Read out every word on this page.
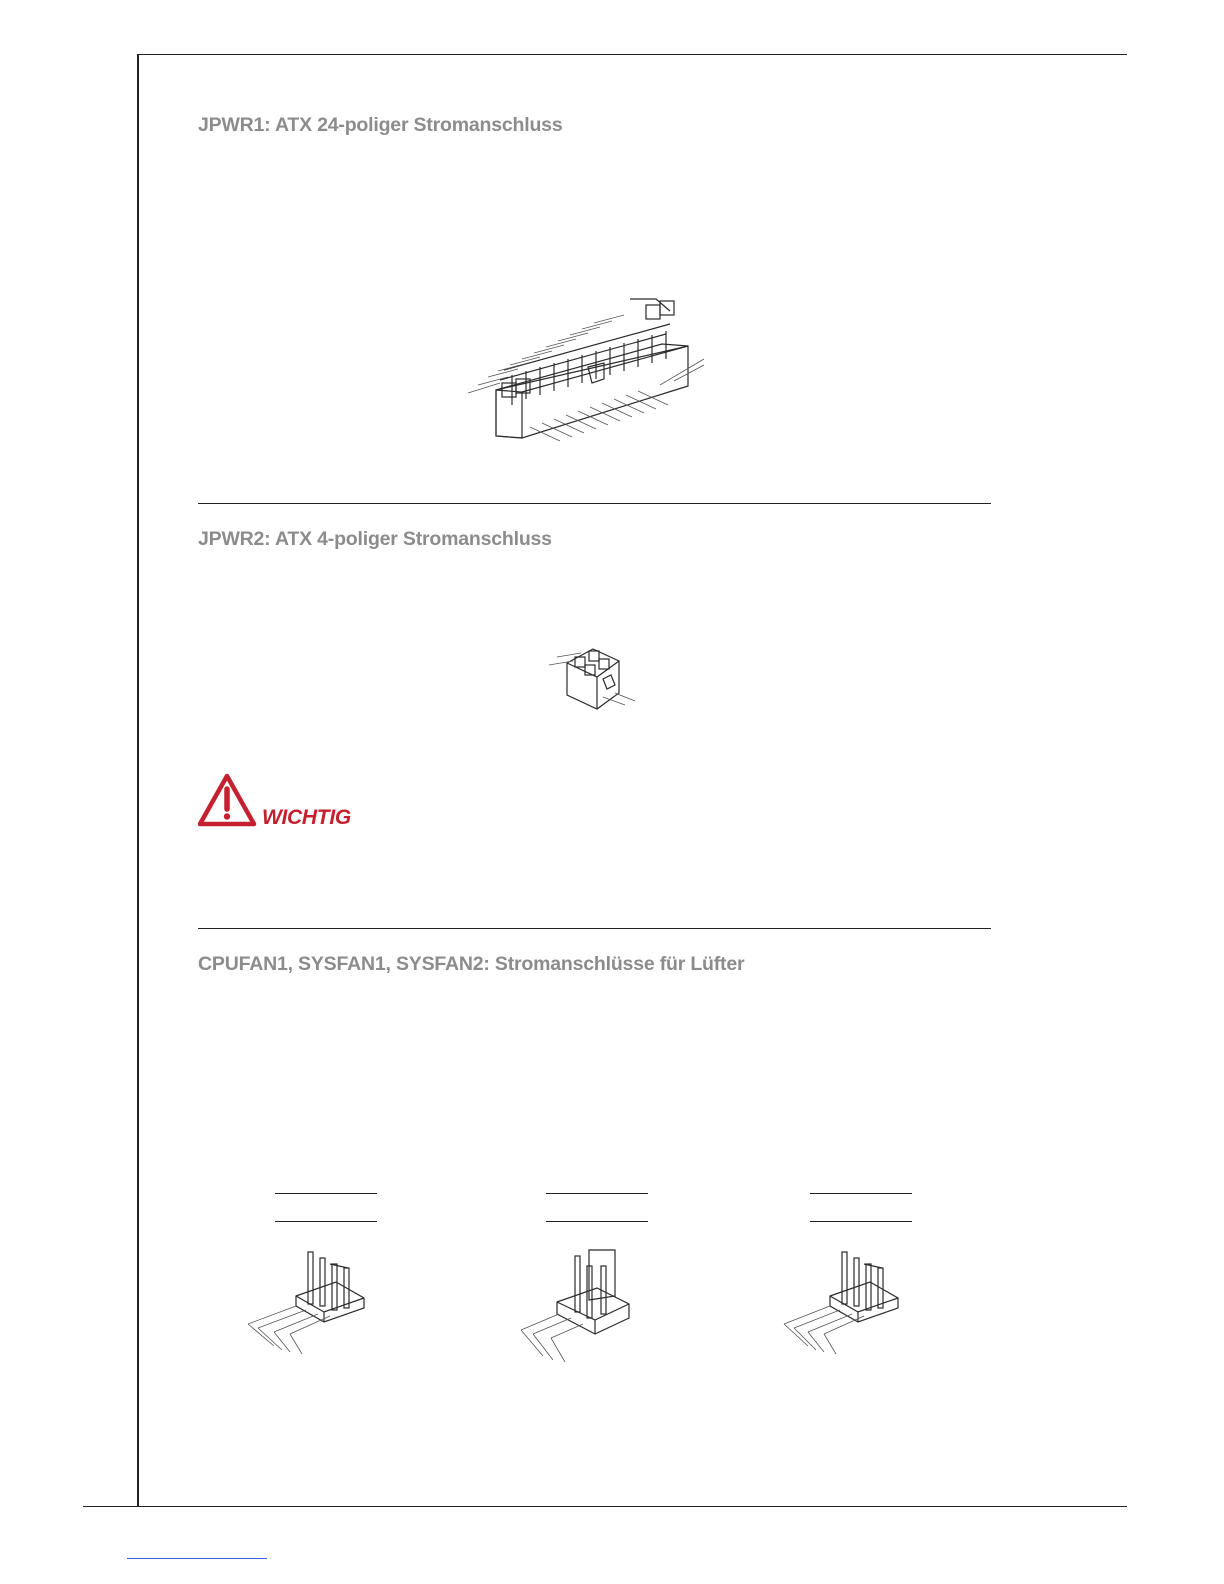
JPWR1: ATX 24-poliger Stromanschluss
JPWR2: ATX 4-poliger Stromanschluss
WICHTIG
CPUFAN1, SYSFAN1, SYSFAN2: Stromanschlüsse für Lüfter
